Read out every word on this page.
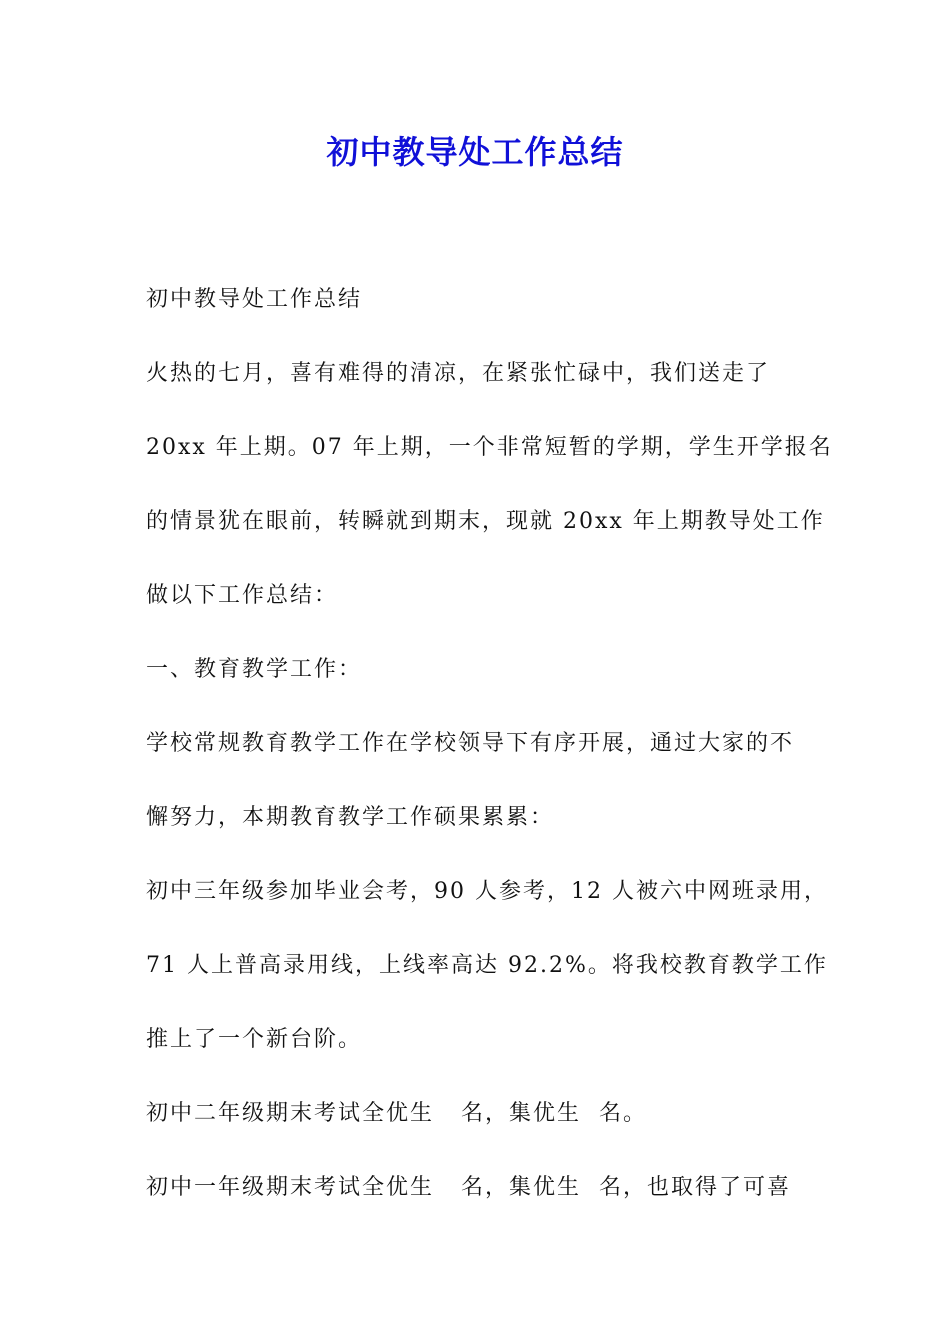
初中教导处工作总结
初中教导处工作总结
火热的七月，喜有难得的清凉，在紧张忙碌中，我们送走了
20xx 年上期。07 年上期，一个非常短暂的学期，学生开学报名
的情景犹在眼前，转瞬就到期末，现就 20xx 年上期教导处工作
做以下工作总结：
一、教育教学工作：
学校常规教育教学工作在学校领导下有序开展，通过大家的不
懈努力，本期教育教学工作硕果累累：
初中三年级参加毕业会考，90 人参考，12 人被六中网班录用，
71 人上普高录用线，上线率高达 92.2%。将我校教育教学工作
推上了一个新台阶。
初中二年级期末考试全优生   名，集优生  名。
初中一年级期末考试全优生   名，集优生  名，也取得了可喜
